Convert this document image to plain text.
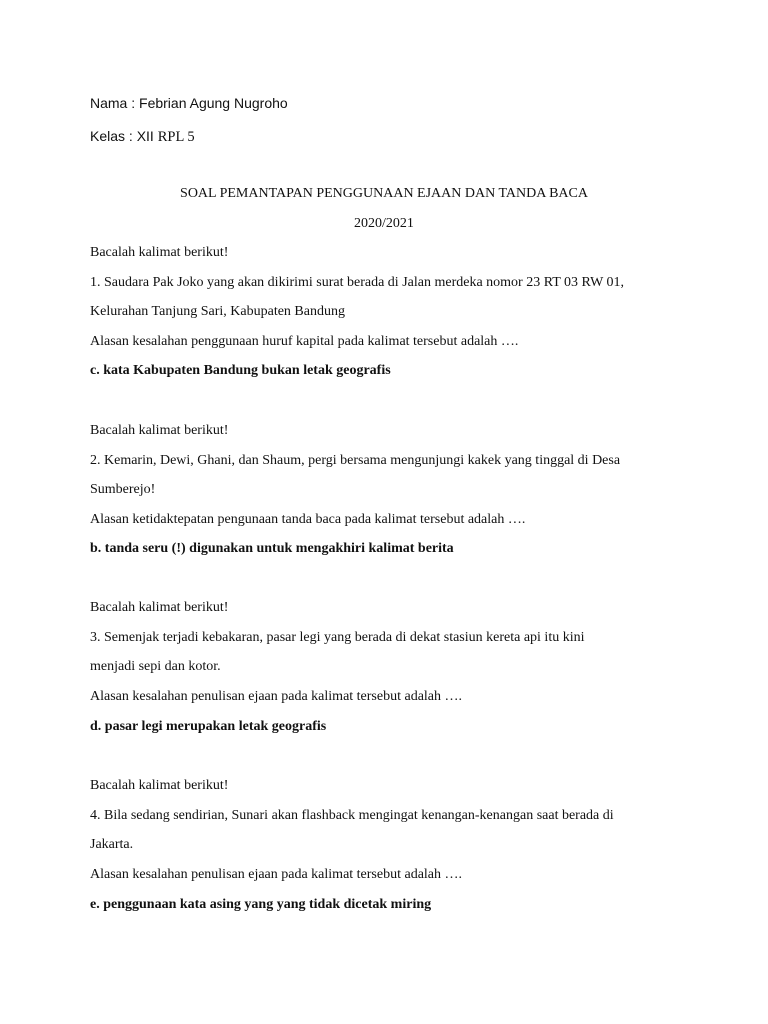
Nama : Febrian Agung Nugroho
Kelas : XII RPL 5
SOAL PEMANTAPAN PENGGUNAAN EJAAN DAN TANDA BACA
2020/2021
Bacalah kalimat berikut!
1. Saudara Pak Joko yang akan dikirimi surat berada di Jalan merdeka nomor 23 RT 03 RW 01,
Kelurahan Tanjung Sari, Kabupaten Bandung
Alasan kesalahan penggunaan huruf kapital pada kalimat tersebut adalah ….
c. kata Kabupaten Bandung bukan letak geografis
Bacalah kalimat berikut!
2. Kemarin, Dewi, Ghani, dan Shaum, pergi bersama mengunjungi kakek yang tinggal di Desa
Sumberejo!
Alasan ketidaktepatan pengunaan tanda baca pada kalimat tersebut adalah ….
b. tanda seru (!) digunakan untuk mengakhiri kalimat berita
Bacalah kalimat berikut!
3. Semenjak terjadi kebakaran, pasar legi yang berada di dekat stasiun kereta api itu kini
menjadi sepi dan kotor.
Alasan kesalahan penulisan ejaan pada kalimat tersebut adalah ….
d. pasar legi merupakan letak geografis
Bacalah kalimat berikut!
4. Bila sedang sendirian, Sunari akan flashback mengingat kenangan-kenangan saat berada di
Jakarta.
Alasan kesalahan penulisan ejaan pada kalimat tersebut adalah ….
e. penggunaan kata asing yang yang tidak dicetak miring
